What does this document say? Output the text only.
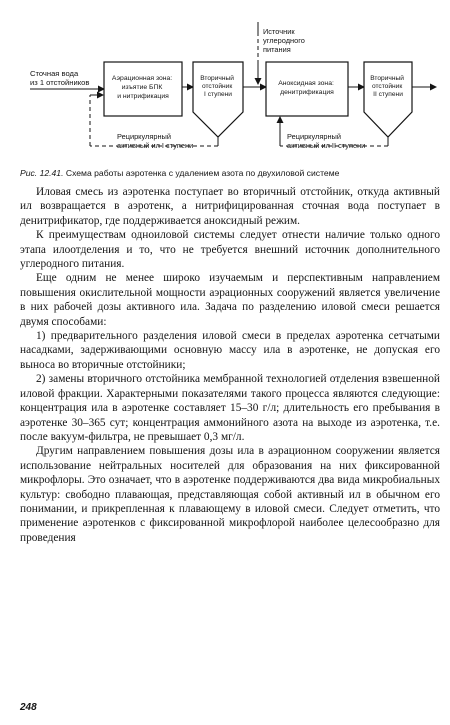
Сточная вода из 1 отстойников	Аэрационная зона: изъятие БПК и нитрификация
Вторичный отстойник I ступени
Рециркулярный активный ил I ступени
Источник углеродного питания
Аноксидная зона: денитрификация
Вторичный отстойник II ступени
Рециркулярный активный ил II ступени
Рис. 12.41. Схема работы аэротенка с удалением азота по двухиловой системе

Иловая смесь из аэротенка поступает во вторичный отстойник, откуда активный ил возвращается в аэротенк, а нитрифицированная сточная вода поступает в денитрификатор, где поддерживается аноксидный режим.

К преимуществам одноиловой системы следует отнести наличие только одного этапа илоотделения и то, что не требуется внешний источник дополнительного углеродного питания.

Еще одним не менее широко изучаемым и перспективным направлением повышения окислительной мощности аэрационных сооружений является увеличение в них рабочей дозы активного ила. Задача по разделению иловой смеси решается двумя способами:

1) предварительного разделения иловой смеси в пределах аэротенка сетчатыми насадками, задерживающими основную массу ила в аэротенке, не допуская его выноса во вторичные отстойники;

2) замены вторичного отстойника мембранной технологией отделения взвешенной иловой фракции. Характерными показателями такого процесса являются следующие: концентрация ила в аэротенке составляет 15–30 г/л; длительность его пребывания в аэротенке 30–365 сут; концентрация аммонийного азота на выходе из аэротенка, т.е. после вакуум-фильтра, не превышает 0,3 мг/л.

Другим направлением повышения дозы ила в аэрационном сооружении является использование нейтральных носителей для образования на них фиксированной микрофлоры. Это означает, что в аэротенке поддерживаются два вида микробиальных культур: свободно плавающая, представляющая собой активный ил в обычном его понимании, и прикрепленная к плавающему в иловой смеси. Следует отметить, что применение аэротенков с фиксированной микрофлорой наиболее целесообразно для проведения

248
